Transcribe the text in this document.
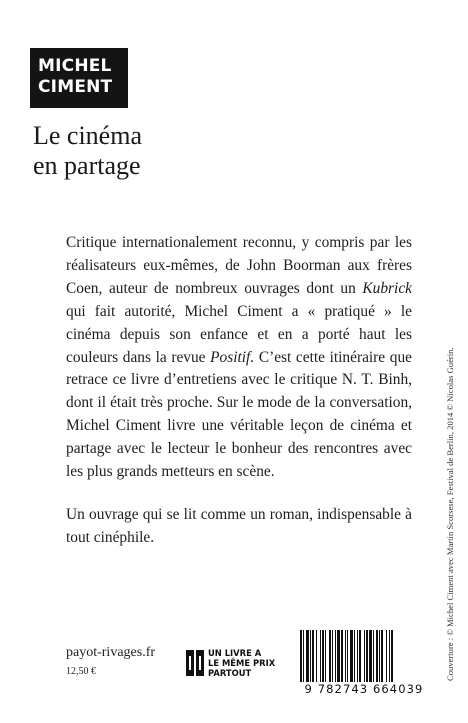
MICHEL
CIMENT
Le cinéma
en partage

Critique internationalement reconnu, y compris par les réalisateurs eux-mêmes, de John Boorman aux frères Coen, auteur de nombreux ouvrages dont un Kubrick qui fait autorité, Michel Ciment a « pratiqué » le cinéma depuis son enfance et en a porté haut les couleurs dans la revue Positif. C’est cette itinéraire que retrace ce livre d’entretiens avec le critique N. T. Binh, dont il était très proche. Sur le mode de la conversation, Michel Ciment livre une véritable leçon de cinéma et partage avec le lecteur le bonheur des rencontres avec les plus grands metteurs en scène.

Un ouvrage qui se lit comme un roman, indispensable à tout cinéphile.	Couverture : © Michel Ciment avec Martin Scorsese, Festival de Berlin, 2014 © Nicolas Guérin.
payot-rivages.fr
12,50 €
UN LIVRE A
LE MÊME PRIX
PARTOUT
9 782743 664039
